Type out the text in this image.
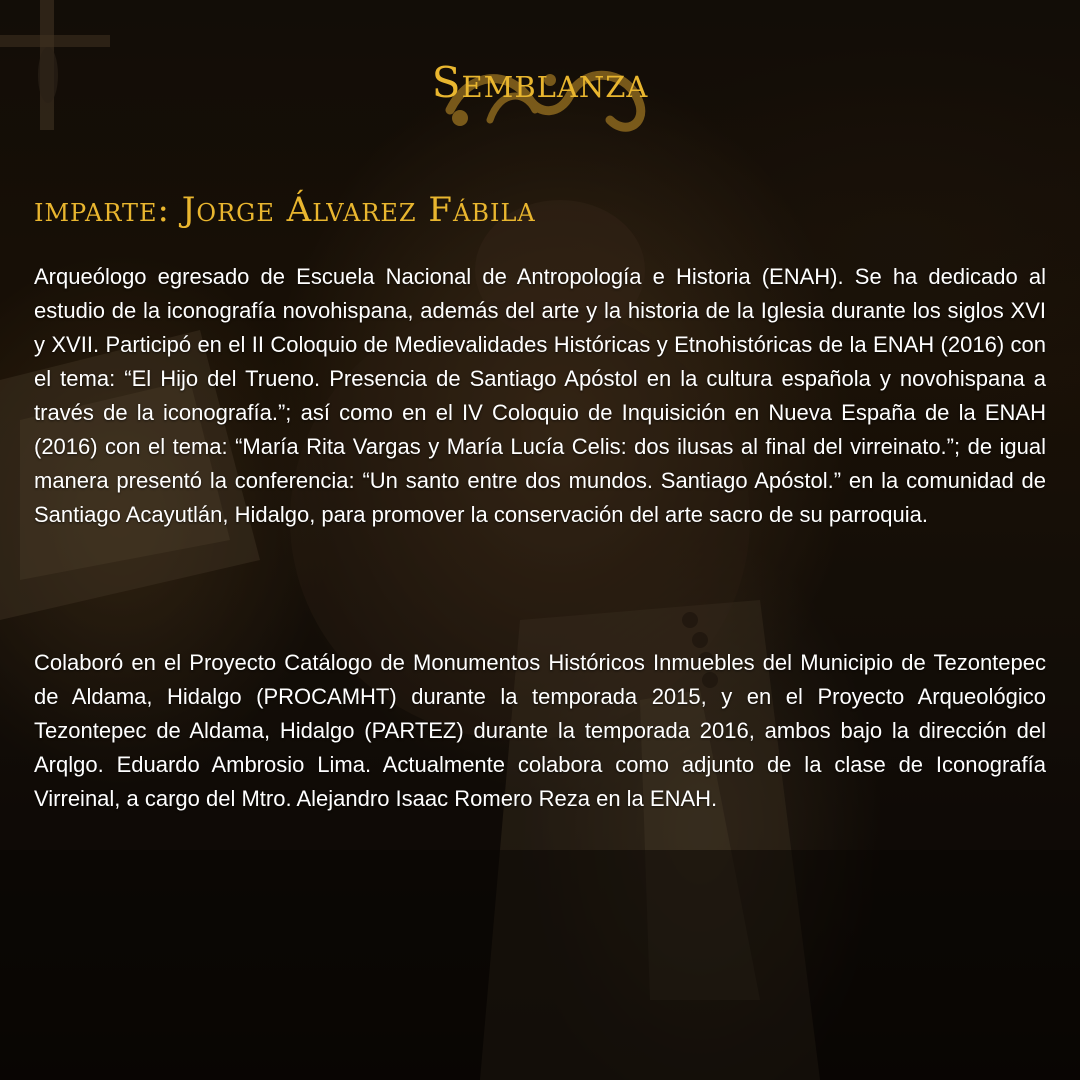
Semblanza
imparte: Jorge Álvarez Fábila
Arqueólogo egresado de Escuela Nacional de Antropología e Historia (ENAH). Se ha dedicado al estudio de la iconografía novohispana, además del arte y la historia de la Iglesia durante los siglos XVI y XVII. Participó en el II Coloquio de Medievalidades Históricas y Etnohistóricas de la ENAH (2016) con el tema: “El Hijo del Trueno. Presencia de Santiago Apóstol en la cultura española y novohispana a través de la iconografía.”; así como en el IV Coloquio de Inquisición en Nueva España de la ENAH (2016) con el tema: “María Rita Vargas y María Lucía Celis: dos ilusas al final del virreinato.”; de igual manera presentó la conferencia: “Un santo entre dos mundos. Santiago Apóstol.” en la comunidad de Santiago Acayutlán, Hidalgo, para promover la conservación del arte sacro de su parroquia.
Colaboró en el Proyecto Catálogo de Monumentos Históricos Inmuebles del Municipio de Tezontepec de Aldama, Hidalgo (PROCAMHT) durante la temporada 2015, y en el Proyecto Arqueológico Tezontepec de Aldama, Hidalgo (PARTEZ) durante la temporada 2016, ambos bajo la dirección del Arqlgo. Eduardo Ambrosio Lima. Actualmente colabora como adjunto de la clase de Iconografía Virreinal, a cargo del Mtro. Alejandro Isaac Romero Reza en la ENAH.
